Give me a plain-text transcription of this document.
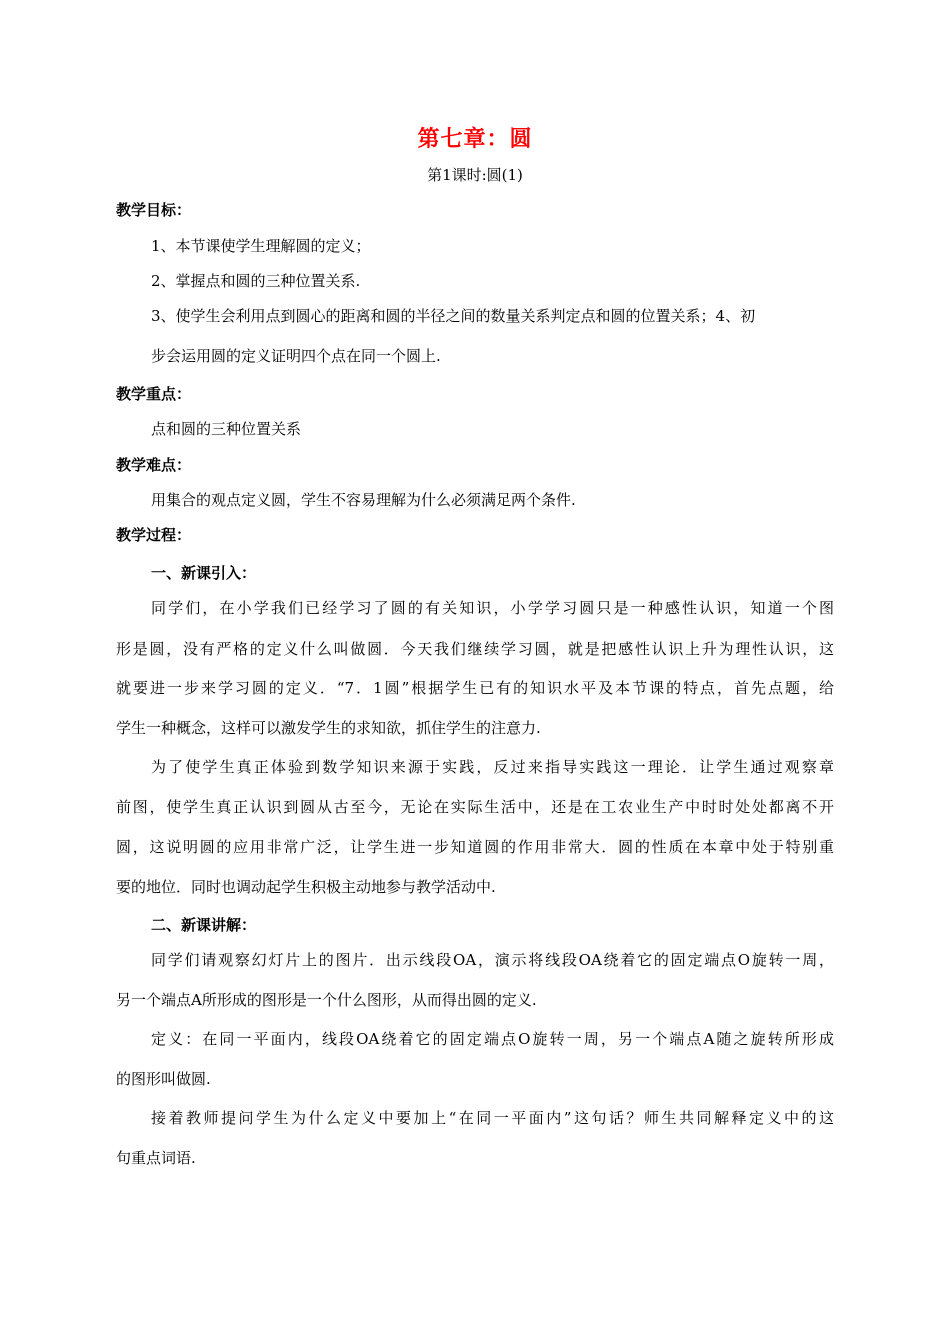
第七章：圆
第1课时:圆(1)
教学目标：
1、本节课使学生理解圆的定义；
2、掌握点和圆的三种位置关系.
3、使学生会利用点到圆心的距离和圆的半径之间的数量关系判定点和圆的位置关系；4、初
步会运用圆的定义证明四个点在同一个圆上.
教学重点：
点和圆的三种位置关系
教学难点：
用集合的观点定义圆，学生不容易理解为什么必须满足两个条件.
教学过程：
一、新课引入：
同学们，在小学我们已经学习了圆的有关知识，小学学习圆只是一种感性认识，知道一个图
形是圆，没有严格的定义什么叫做圆．今天我们继续学习圆，就是把感性认识上升为理性认识，这
就要进一步来学习圆的定义．“7．1圆”根据学生已有的知识水平及本节课的特点，首先点题，给
学生一种概念，这样可以激发学生的求知欲，抓住学生的注意力.
为了使学生真正体验到数学知识来源于实践，反过来指导实践这一理论．让学生通过观察章
前图，使学生真正认识到圆从古至今，无论在实际生活中，还是在工农业生产中时时处处都离不开
圆，这说明圆的应用非常广泛，让学生进一步知道圆的作用非常大．圆的性质在本章中处于特别重
要的地位．同时也调动起学生积极主动地参与教学活动中.
二、新课讲解：
同学们请观察幻灯片上的图片．出示线段OA，演示将线段OA绕着它的固定端点O旋转一周，
另一个端点A所形成的图形是一个什么图形，从而得出圆的定义.
定义：在同一平面内，线段OA绕着它的固定端点O旋转一周，另一个端点A随之旋转所形成
的图形叫做圆.
接着教师提问学生为什么定义中要加上“在同一平面内”这句话？师生共同解释定义中的这
句重点词语.
